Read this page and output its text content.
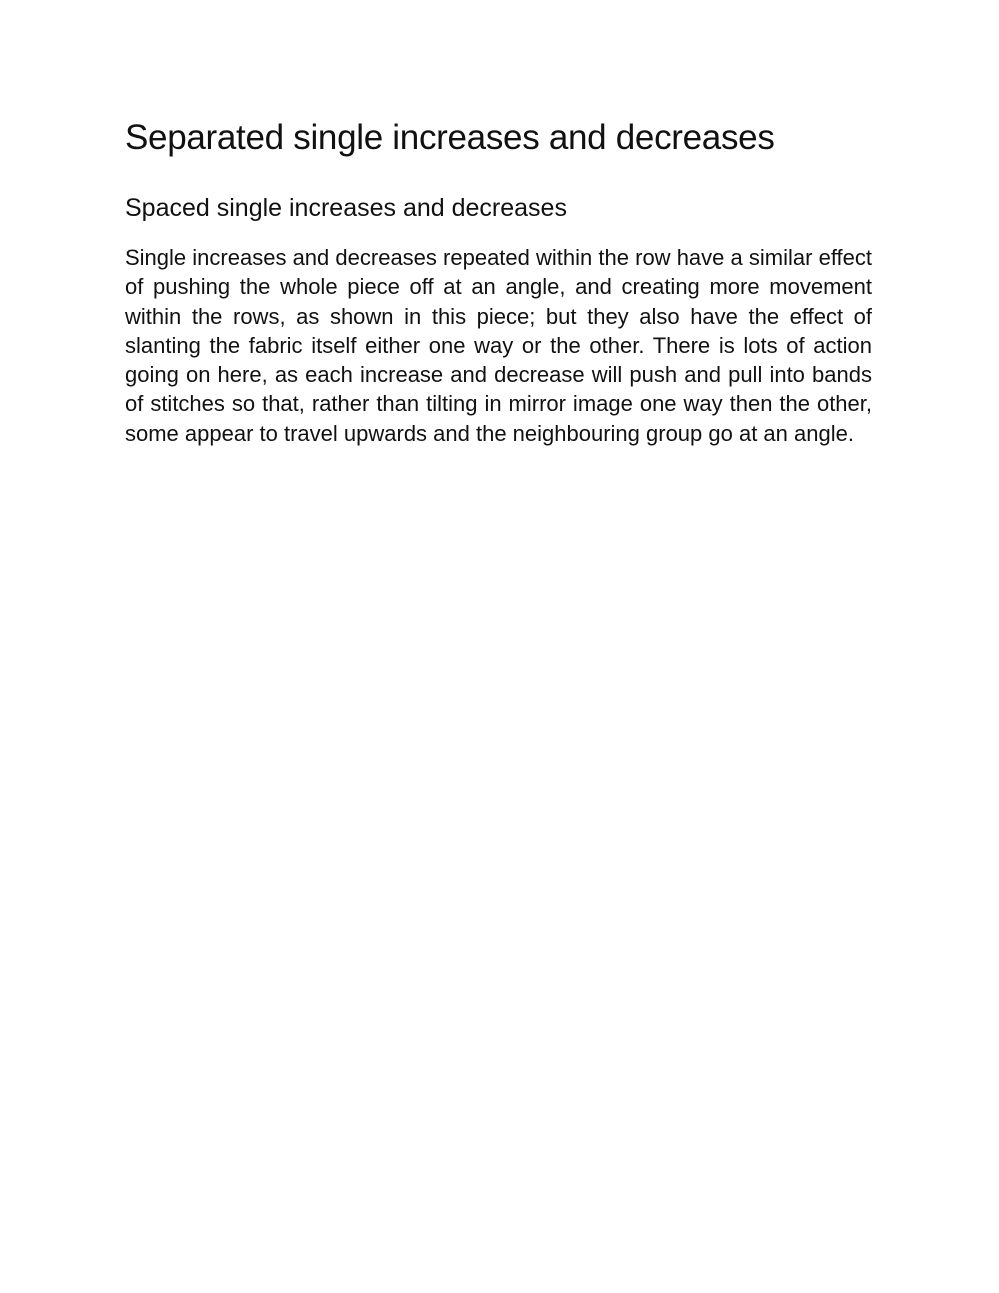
Separated single increases and decreases
Spaced single increases and decreases

Single increases and decreases repeated within the row have a similar effect of pushing the whole piece off at an angle, and creating more movement within the rows, as shown in this piece; but they also have the effect of slanting the fabric itself either one way or the other. There is lots of action going on here, as each increase and decrease will push and pull into bands of stitches so that, rather than tilting in mirror image one way then the other, some appear to travel upwards and the neighbouring group go at an angle.
